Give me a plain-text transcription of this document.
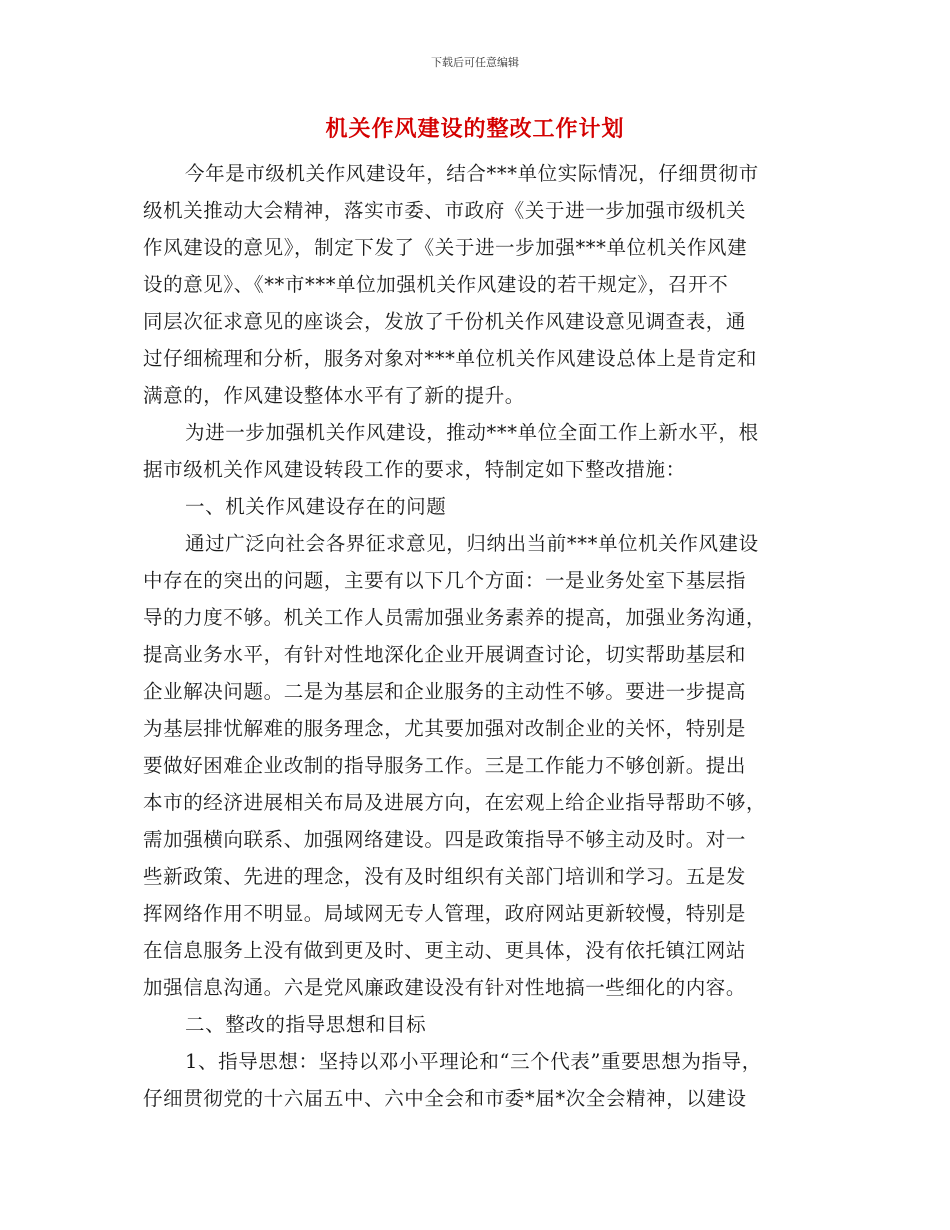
下载后可任意编辑
机关作风建设的整改工作计划
今年是市级机关作风建设年，结合***单位实际情况，仔细贯彻市
级机关推动大会精神，落实市委、市政府《关于进一步加强市级机关
作风建设的意见》，制定下发了《关于进一步加强***单位机关作风建
设的意见》、《**市***单位加强机关作风建设的若干规定》，召开不
同层次征求意见的座谈会，发放了千份机关作风建设意见调查表，通
过仔细梳理和分析，服务对象对***单位机关作风建设总体上是肯定和
满意的，作风建设整体水平有了新的提升。
为进一步加强机关作风建设，推动***单位全面工作上新水平，根
据市级机关作风建设转段工作的要求，特制定如下整改措施：
一、机关作风建设存在的问题
通过广泛向社会各界征求意见，归纳出当前***单位机关作风建设
中存在的突出的问题，主要有以下几个方面：一是业务处室下基层指
导的力度不够。机关工作人员需加强业务素养的提高，加强业务沟通，
提高业务水平，有针对性地深化企业开展调查讨论，切实帮助基层和
企业解决问题。二是为基层和企业服务的主动性不够。要进一步提高
为基层排忧解难的服务理念，尤其要加强对改制企业的关怀，特别是
要做好困难企业改制的指导服务工作。三是工作能力不够创新。提出
本市的经济进展相关布局及进展方向，在宏观上给企业指导帮助不够，
需加强横向联系、加强网络建设。四是政策指导不够主动及时。对一
些新政策、先进的理念，没有及时组织有关部门培训和学习。五是发
挥网络作用不明显。局域网无专人管理，政府网站更新较慢，特别是
在信息服务上没有做到更及时、更主动、更具体，没有依托镇江网站
加强信息沟通。六是党风廉政建设没有针对性地搞一些细化的内容。
二、整改的指导思想和目标
1、指导思想：坚持以邓小平理论和“三个代表”重要思想为指导，
仔细贯彻党的十六届五中、六中全会和市委*届*次全会精神，以建设
